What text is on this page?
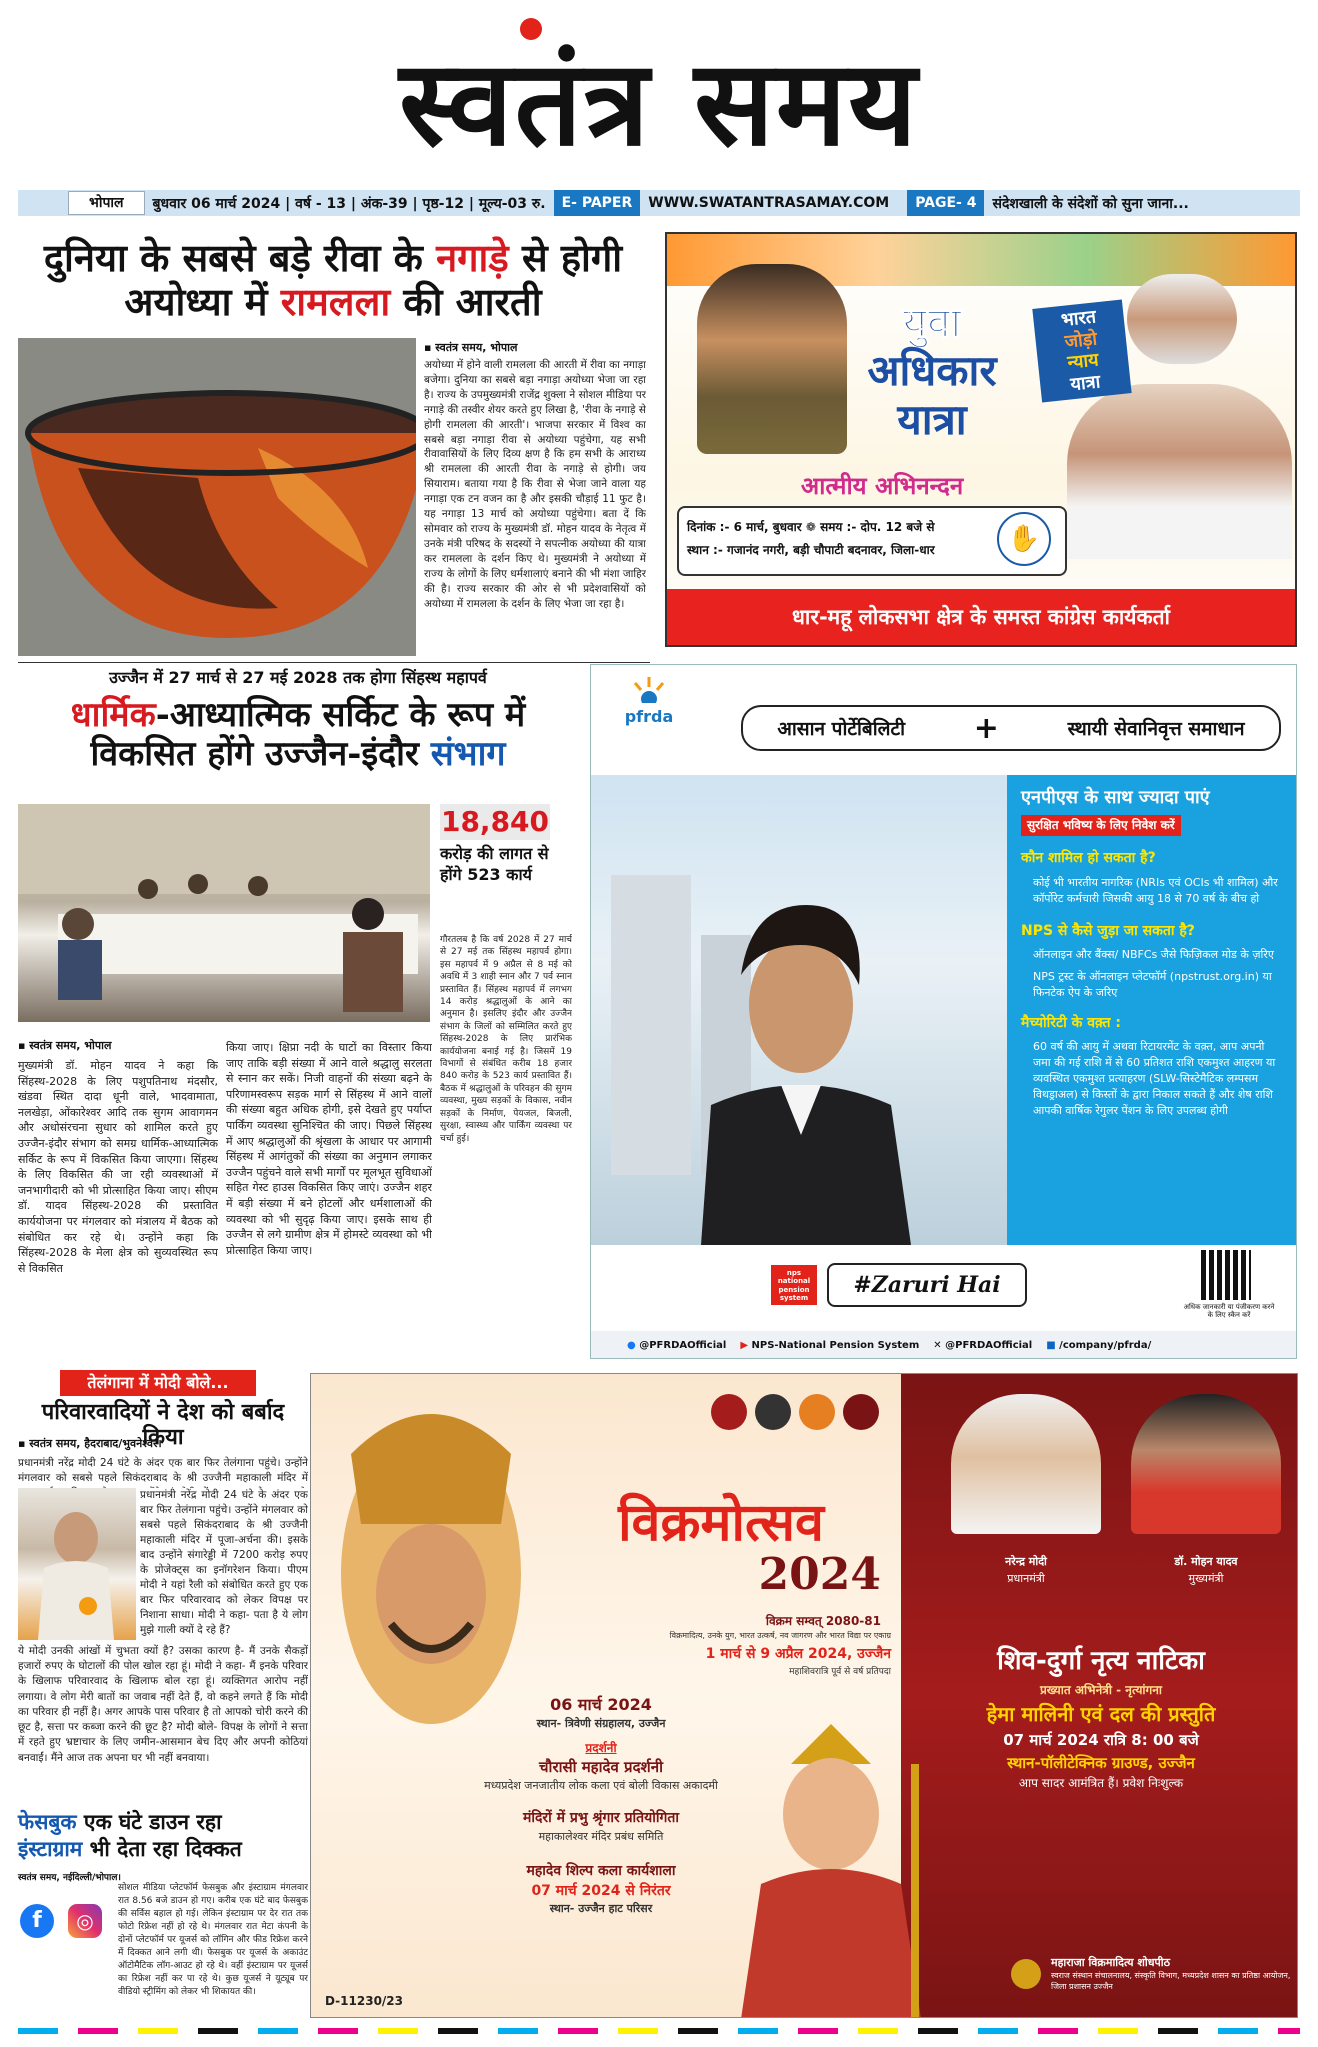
स्वतंत्र समय
भोपाल	बुधवार 06 मार्च 2024 | वर्ष - 13 | अंक-39 | पृष्ठ-12 | मूल्य-03 रु.	E- PAPER	WWW.SWATANTRASAMAY.COM	PAGE- 4	संदेशखाली के संदेशों को सुना जाना...
दुनिया के सबसे बड़े रीवा के नगाड़े से होगी अयोध्या में रामलला की आरती
▪ स्वतंत्र समय, भोपाल
अयोध्या में होने वाली रामलला की आरती में रीवा का नगाड़ा बजेगा। दुनिया का सबसे बड़ा नगाड़ा अयोध्या भेजा जा रहा है। राज्य के उपमुख्यमंत्री राजेंद्र शुक्ला ने सोशल मीडिया पर नगाड़े की तस्वीर शेयर करते हुए लिखा है, 'रीवा के नगाड़े से होगी रामलला की आरती'। भाजपा सरकार में विश्व का सबसे बड़ा नगाड़ा रीवा से अयोध्या पहुंचेगा, यह सभी रीवावासियों के लिए दिव्य क्षण है कि हम सभी के आराध्य श्री रामलला की आरती रीवा के नगाड़े से होगी। जय सियाराम। बताया गया है कि रीवा से भेजा जाने वाला यह नगाड़ा एक टन वजन का है और इसकी चौड़ाई 11 फुट है। यह नगाड़ा 13 मार्च को अयोध्या पहुंचेगा। बता दें कि सोमवार को राज्य के मुख्यमंत्री डॉ. मोहन यादव के नेतृत्व में उनके मंत्री परिषद के सदस्यों ने सपत्नीक अयोध्या की यात्रा कर रामलला के दर्शन किए थे। मुख्यमंत्री ने अयोध्या में राज्य के लोगों के लिए धर्मशालाएं बनाने की भी मंशा जाहिर की है। राज्य सरकार की ओर से भी प्रदेशवासियों को अयोध्या में रामलला के दर्शन के लिए भेजा जा रहा है।
भारत
जोड़ो
न्याय
यात्रा
युवा
अधिकार
यात्रा
आत्मीय अभिनन्दन
दिनांक :- 6 मार्च, बुधवार ❁ समय :- दोप. 12 बजे से
स्थान :- गजानंद नगरी, बड़ी चौपाटी बदनावर, जिला-धार	✋
धार-महू लोकसभा क्षेत्र के समस्त कांग्रेस कार्यकर्ता
उज्जैन में 27 मार्च से 27 मई 2028 तक होगा सिंहस्थ महापर्व
धार्मिक-आध्यात्मिक सर्किट के रूप में विकसित होंगे उज्जैन-इंदौर संभाग
18,840
करोड़ की लागत से होंगे 523 कार्य
गौरतलब है कि वर्ष 2028 में 27 मार्च से 27 मई तक सिंहस्थ महापर्व होगा। इस महापर्व में 9 अप्रैल से 8 मई को अवधि में 3 शाही स्नान और 7 पर्व स्नान प्रस्तावित हैं। सिंहस्थ महापर्व में लगभग 14 करोड़ श्रद्धालुओं के आने का अनुमान है। इसलिए इंदौर और उज्जैन संभाग के जिलों को सम्मिलित करते हुए सिंहस्थ-2028 के लिए प्रारंभिक कार्ययोजना बनाई गई है। जिसमें 19 विभागों से संबंधित करीब 18 हजार 840 करोड़ के 523 कार्य प्रस्तावित हैं। बैठक में श्रद्धालुओं के परिवहन की सुगम व्यवस्था, मुख्य सड़कों के विकास, नवीन सड़कों के निर्माण, पेयजल, बिजली, सुरक्षा, स्वास्थ्य और पार्किंग व्यवस्था पर चर्चा हुई।
▪ स्वतंत्र समय, भोपाल
मुख्यमंत्री डॉ. मोहन यादव ने कहा कि सिंहस्थ-2028 के लिए पशुपतिनाथ मंदसौर, खंडवा स्थित दादा धूनी वाले, भादवामाता, नलखेड़ा, ओंकारेश्वर आदि तक सुगम आवागमन और अधोसंरचना सुधार को शामिल करते हुए उज्जैन-इंदौर संभाग को समग्र धार्मिक-आध्यात्मिक सर्किट के रूप में विकसित किया जाएगा। सिंहस्थ के लिए विकसित की जा रही व्यवस्थाओं में जनभागीदारी को भी प्रोत्साहित किया जाए। सीएम डॉ. यादव सिंहस्थ-2028 की प्रस्तावित कार्ययोजना पर मंगलवार को मंत्रालय में बैठक को संबोधित कर रहे थे। उन्होंने कहा कि सिंहस्थ-2028 के मेला क्षेत्र को सुव्यवस्थित रूप से विकसित
किया जाए। क्षिप्रा नदी के घाटों का विस्तार किया जाए ताकि बड़ी संख्या में आने वाले श्रद्धालु सरलता से स्नान कर सकें। निजी वाहनों की संख्या बढ़ने के परिणामस्वरूप सड़क मार्ग से सिंहस्थ में आने वालों की संख्या बहुत अधिक होगी, इसे देखते हुए पर्याप्त पार्किंग व्यवस्था सुनिश्चित की जाए। पिछले सिंहस्थ में आए श्रद्धालुओं की श्रृंखला के आधार पर आगामी सिंहस्थ में आगंतुकों की संख्या का अनुमान लगाकर उज्जैन पहुंचने वाले सभी मार्गों पर मूलभूत सुविधाओं सहित गेस्ट हाउस विकसित किए जाएं। उज्जैन शहर में बड़ी संख्या में बने होटलों और धर्मशालाओं की व्यवस्था को भी सुदृढ़ किया जाए। इसके साथ ही उज्जैन से लगे ग्रामीण क्षेत्र में होमस्टे व्यवस्था को भी प्रोत्साहित किया जाए।
pfrda
आसान पोर्टेबिलिटी +	स्थायी सेवानिवृत्त समाधान
एनपीएस के साथ ज्यादा पाएं
सुरक्षित भविष्य के लिए निवेश करें
कौन शामिल हो सकता है?
कोई भी भारतीय नागरिक (NRIs एवं OCIs भी शामिल) और कॉर्पोरेट कर्मचारी जिसकी आयु 18 से 70 वर्ष के बीच हो
NPS से कैसे जुड़ा जा सकता है?
ऑनलाइन और बैंक्स/ NBFCs जैसे फिज़िकल मोड के ज़रिए
NPS ट्रस्ट के ऑनलाइन प्लेटफॉर्म (npstrust.org.in) या फिनटेक ऐप के जरिए
मैच्योरिटी के वक़्त :
60 वर्ष की आयु में अथवा रिटायरमेंट के वक़्त, आप अपनी जमा की गई राशि में से 60 प्रतिशत राशि एकमुश्त आहरण या व्यवस्थित एकमुश्त प्रत्याहरण (SLW-सिस्टेमैटिक लम्पसम विथड्राअल) से किस्तों के द्वारा निकाल सकते हैं और शेष राशि आपकी वार्षिक रेगुलर पेंशन के लिए उपलब्ध होगी
nps national pension system
#Zaruri Hai
अधिक जानकारी या पंजीकरण करने के लिए स्कैन करें
● @PFRDAOfficial ▶ NPS-National Pension System ✕ @PFRDAOfficial ■ /company/pfrda/
तेलंगाना में मोदी बोले...
परिवारवादियों ने देश को बर्बाद किया
▪ स्वतंत्र समय, हैदराबाद/भुवनेश्वर।
प्रधानमंत्री नरेंद्र मोदी 24 घंटे के अंदर एक बार फिर तेलंगाना पहुंचे। उन्होंने मंगलवार को सबसे पहले सिकंदराबाद के श्री उज्जैनी महाकाली मंदिर में
प्रधानमंत्री नरेंद्र मोदी 24 घंटे के अंदर एक बार फिर तेलंगाना पहुंचे। उन्होंने मंगलवार को सबसे पहले सिकंदराबाद के श्री उज्जैनी महाकाली मंदिर में पूजा-अर्चना की। इसके बाद उन्होंने संगारेड्डी में 7200 करोड़ रुपए के प्रोजेक्ट्स का इनॉगरेशन किया। पीएम मोदी ने यहां रैली को संबोधित करते हुए एक बार फिर परिवारवाद को लेकर विपक्ष पर निशाना साधा। मोदी ने कहा- पता है ये लोग मुझे गाली क्यों दे रहे हैं?
ये मोदी उनकी आंखों में चुभता क्यों है? उसका कारण है- मैं उनके सैकड़ों हजारों रुपए के घोटालों की पोल खोल रहा हूं। मोदी ने कहा- मैं इनके परिवार के खिलाफ परिवारवाद के खिलाफ बोल रहा हूं। व्यक्तिगत आरोप नहीं लगाया। वे लोग मेरी बातों का जवाब नहीं देते हैं, वो कहने लगते हैं कि मोदी का परिवार ही नहीं है। अगर आपके पास परिवार है तो आपको चोरी करने की छूट है, सत्ता पर कब्जा करने की छूट है? मोदी बोले- विपक्ष के लोगों ने सत्ता में रहते हुए भ्रष्टाचार के लिए जमीन-आसमान बेच दिए और अपनी कोठियां बनवाईं। मैंने आज तक अपना घर भी नहीं बनवाया।
फेसबुक एक घंटे डाउन रहा
इंस्टाग्राम भी देता रहा दिक्कत
स्वतंत्र समय, नईदिल्ली/भोपाल।
f	◎
सोशल मीडिया प्लेटफॉर्म फेसबुक और इंस्टाग्राम मंगलवार रात 8.56 बजे डाउन हो गए। करीब एक घंटे बाद फेसबुक की सर्विस बहाल हो गई। लेकिन इंस्टाग्राम पर देर रात तक फोटो रिफ्रेश नहीं हो रहे थे। मंगलवार रात मेटा कंपनी के दोनों प्लेटफॉर्म पर यूजर्स को लॉगिन और फीड रिफ्रेश करने में दिक्कत आने लगी थी। फेसबुक पर यूजर्स के अकाउंट ऑटोमैटिक लॉग-आउट हो रहे थे। वहीं इंस्टाग्राम पर यूजर्स का रिफ्रेश नहीं कर पा रहे थे। कुछ यूजर्स ने यूट्यूब पर वीडियो स्ट्रीमिंग को लेकर भी शिकायत की।
विक्रमोत्सव
2024
विक्रम सम्वत् 2080-81
विक्रमादित्य, उनके युग, भारत उत्कर्ष, नव जागरण और भारत विद्या पर एकाग्र
1 मार्च से 9 अप्रैल 2024, उज्जैन
महाशिवरात्रि पूर्व से वर्ष प्रतिपदा
06 मार्च 2024
स्थान- त्रिवेणी संग्रहालय, उज्जैन
प्रदर्शनी
चौरासी महादेव प्रदर्शनी
मध्यप्रदेश जनजातीय लोक कला एवं बोली विकास अकादमी
मंदिरों में प्रभु श्रृंगार प्रतियोगिता
महाकालेश्वर मंदिर प्रबंध समिति
महादेव शिल्प कला कार्यशाला
07 मार्च 2024 से निरंतर
स्थान- उज्जैन हाट परिसर
नरेन्द्र मोदी
प्रधानमंत्री
डॉ. मोहन यादव
मुख्यमंत्री
शिव-दुर्गा नृत्य नाटिका
प्रख्यात अभिनेत्री - नृत्यांगना
हेमा मालिनी एवं दल की प्रस्तुति
07 मार्च 2024 रात्रि 8: 00 बजे
स्थान-पॉलीटेक्निक ग्राउण्ड, उज्जैन
आप सादर आमंत्रित हैं। प्रवेश निःशुल्क
महाराजा विक्रमादित्य शोधपीठ
स्वराज संस्थान संचालनालय, संस्कृति विभाग, मध्यप्रदेश शासन का प्रतिष्ठा आयोजन, जिला प्रशासन उज्जैन
D-11230/23
